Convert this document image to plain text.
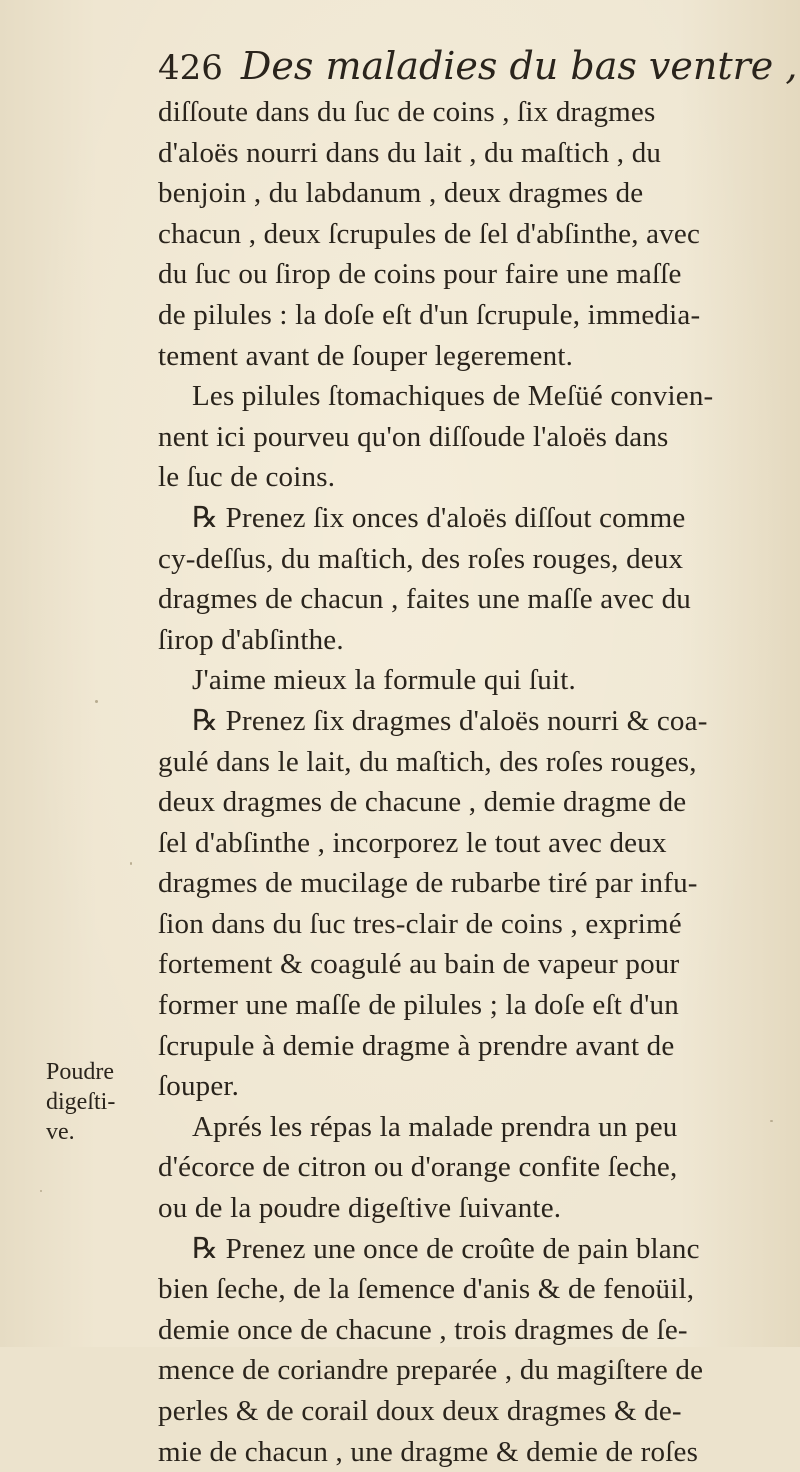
426 Des maladies du bas ventre ,
diſſoute dans du ſuc de coins , ſix dragmes
d'aloës nourri dans du lait , du maſtich , du
benjoin , du labdanum , deux dragmes de
chacun , deux ſcrupules de ſel d'abſinthe, avec
du ſuc ou ſirop de coins pour faire une maſſe
de pilules : la doſe eſt d'un ſcrupule, immedia-
tement avant de ſouper legerement.
Les pilules ſtomachiques de Meſüé convien-
nent ici pourveu qu'on diſſoude l'aloës dans
le ſuc de coins.
℞ Prenez ſix onces d'aloës diſſout comme
cy-deſſus, du maſtich, des roſes rouges, deux
dragmes de chacun , faites une maſſe avec du
ſirop d'abſinthe.
J'aime mieux la formule qui ſuit.
℞ Prenez ſix dragmes d'aloës nourri & coa-
gulé dans le lait, du maſtich, des roſes rouges,
deux dragmes de chacune , demie dragme de
ſel d'abſinthe , incorporez le tout avec deux
dragmes de mucilage de rubarbe tiré par infu-
ſion dans du ſuc tres-clair de coins , exprimé
fortement & coagulé au bain de vapeur pour
former une maſſe de pilules ; la doſe eſt d'un
ſcrupule à demie dragme à prendre avant de
ſouper.
Aprés les répas la malade prendra un peu
d'écorce de citron ou d'orange confite ſeche,
ou de la poudre digeſtive ſuivante.
℞ Prenez une once de croûte de pain blanc
bien ſeche, de la ſemence d'anis & de fenoüil,
demie once de chacune , trois dragmes de ſe-
mence de coriandre preparée , du magiſtere de
perles & de corail doux deux dragmes & de-
mie de chacun , une dragme & demie de roſes
Poudre
digeſti-
ve.
